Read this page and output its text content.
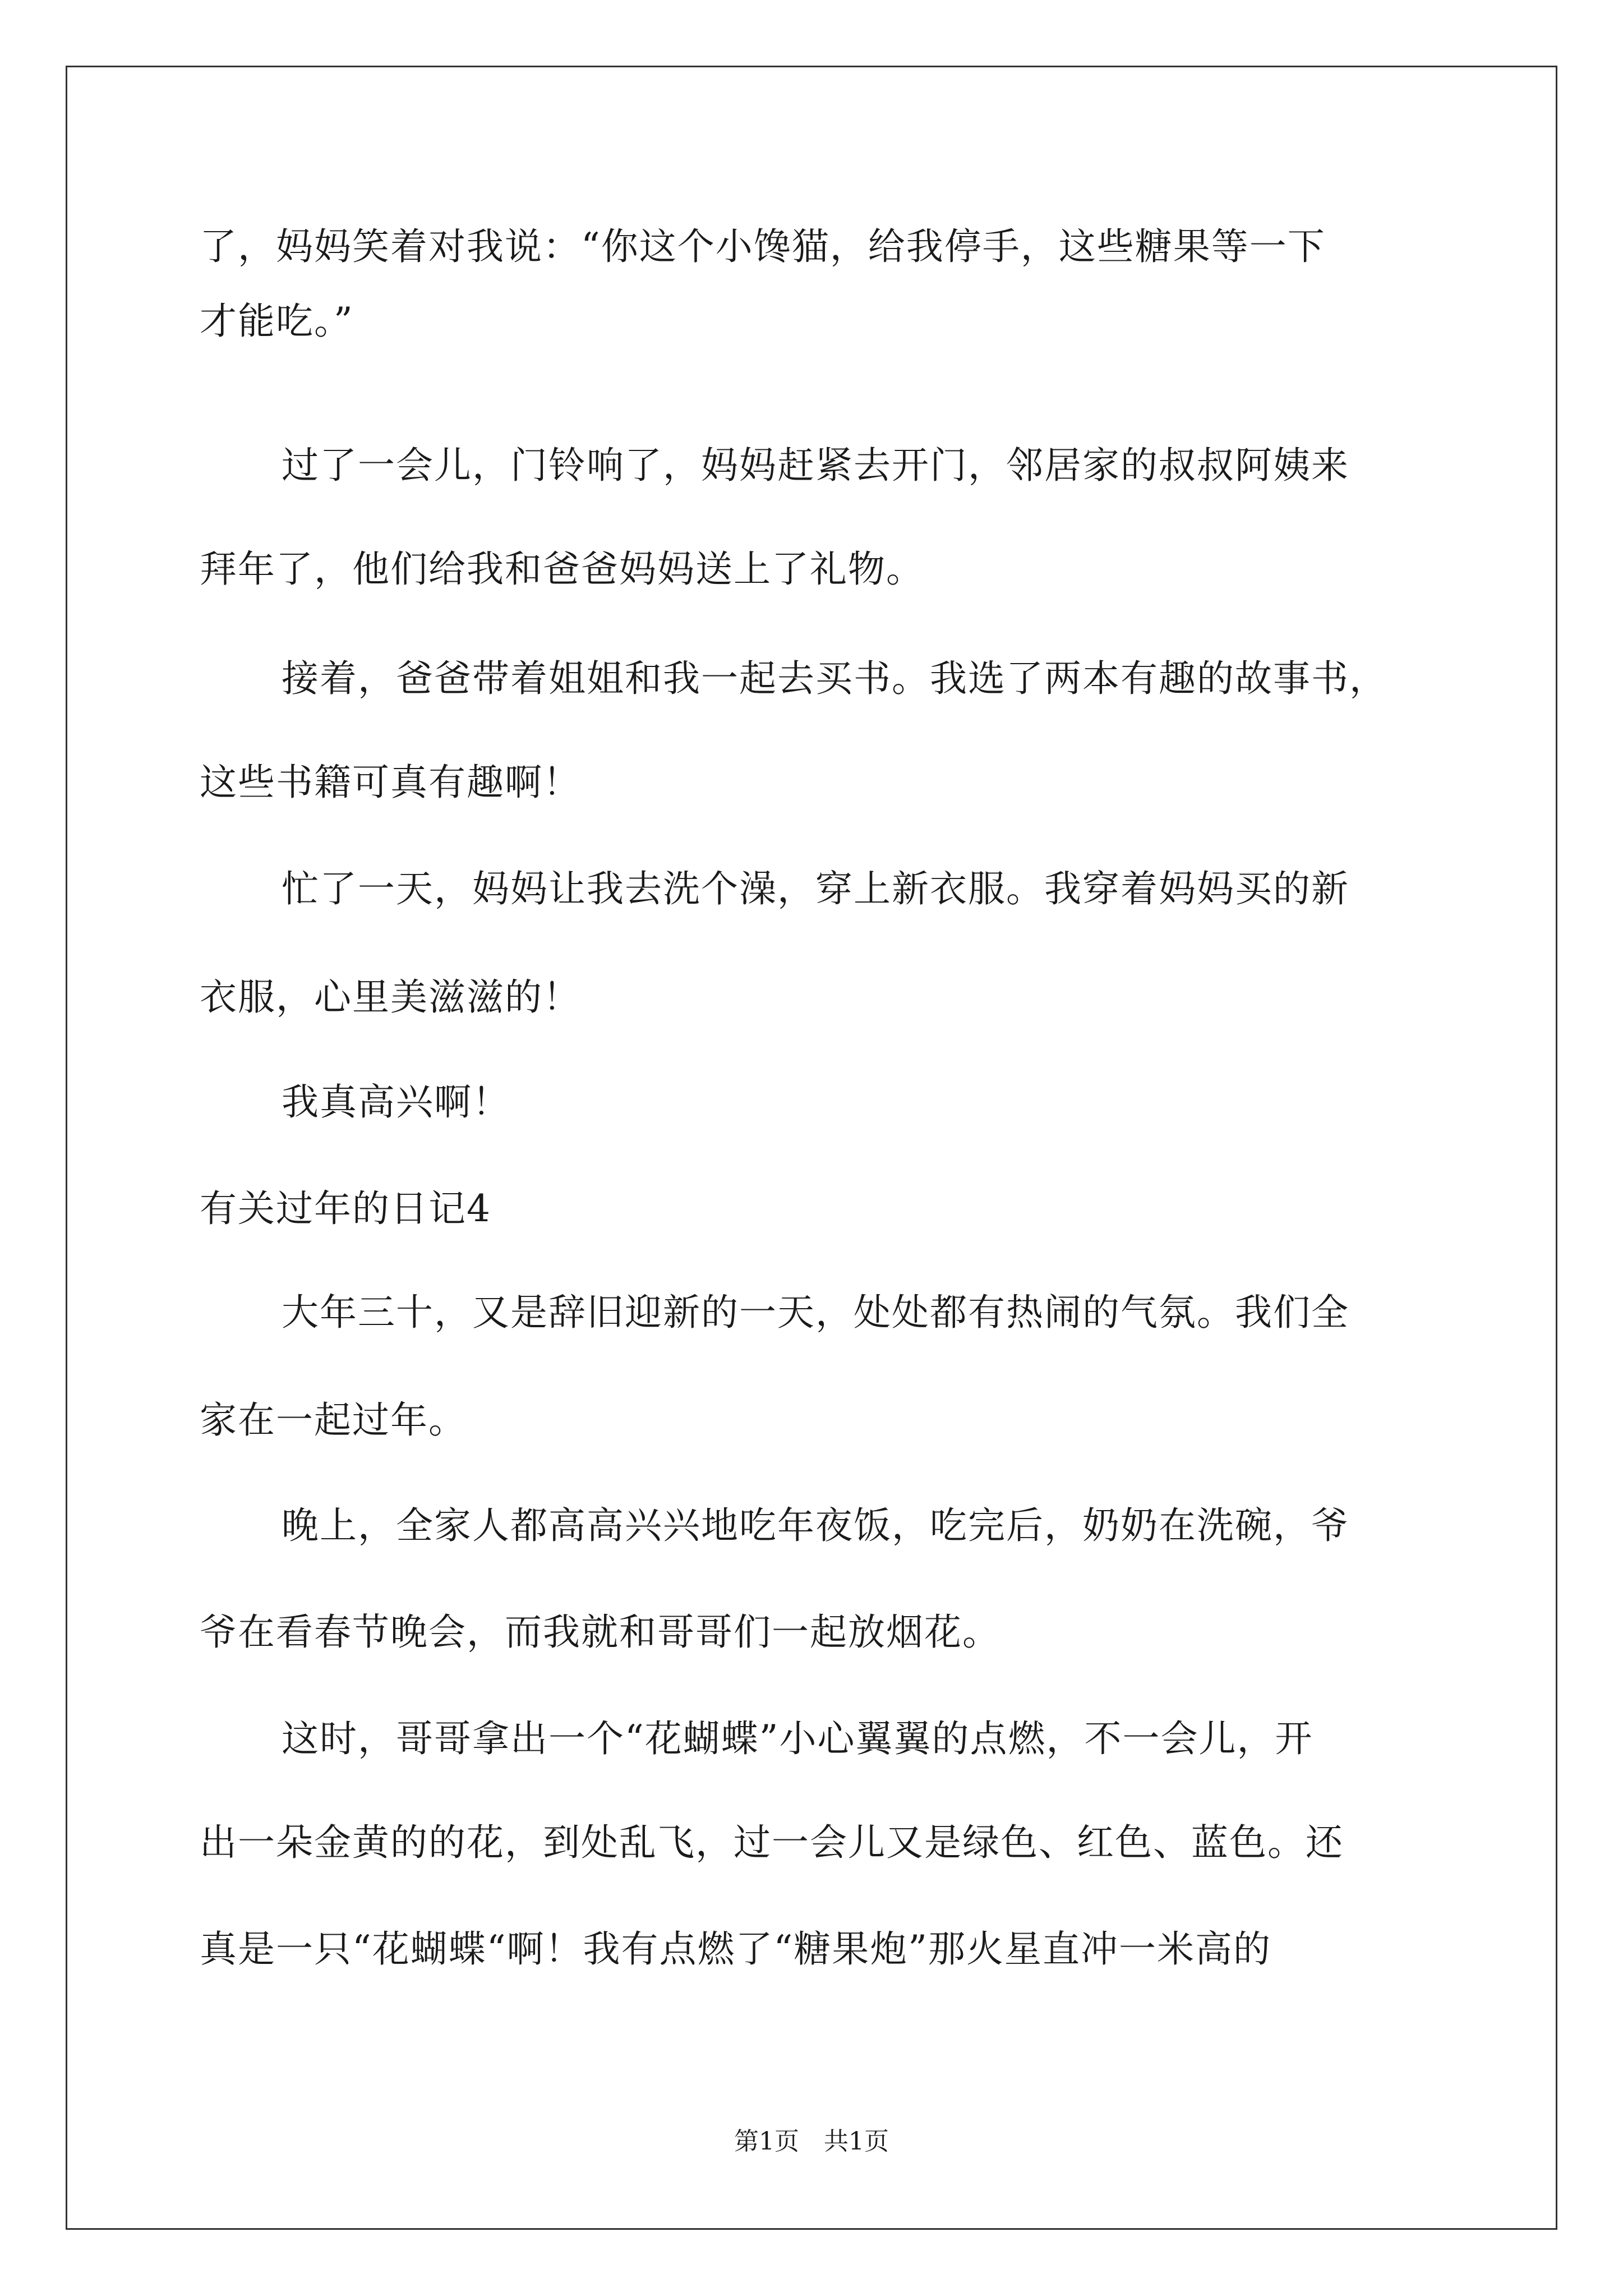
了，妈妈笑着对我说：“你这个小馋猫，给我停手，这些糖果等一下
才能吃。”
过了一会儿，门铃响了，妈妈赶紧去开门，邻居家的叔叔阿姨来
拜年了，他们给我和爸爸妈妈送上了礼物。
接着，爸爸带着姐姐和我一起去买书。我选了两本有趣的故事书，
这些书籍可真有趣啊！
忙了一天，妈妈让我去洗个澡，穿上新衣服。我穿着妈妈买的新
衣服，心里美滋滋的！
我真高兴啊！
有关过年的日记4
大年三十，又是辞旧迎新的一天，处处都有热闹的气氛。我们全
家在一起过年。
晚上，全家人都高高兴兴地吃年夜饭，吃完后，奶奶在洗碗，爷
爷在看春节晚会，而我就和哥哥们一起放烟花。
这时，哥哥拿出一个“花蝴蝶”小心翼翼的点燃，不一会儿，开
出一朵金黄的的花，到处乱飞，过一会儿又是绿色、红色、蓝色。还
真是一只“花蝴蝶“啊！我有点燃了“糖果炮”那火星直冲一米高的
第1页　共1页
